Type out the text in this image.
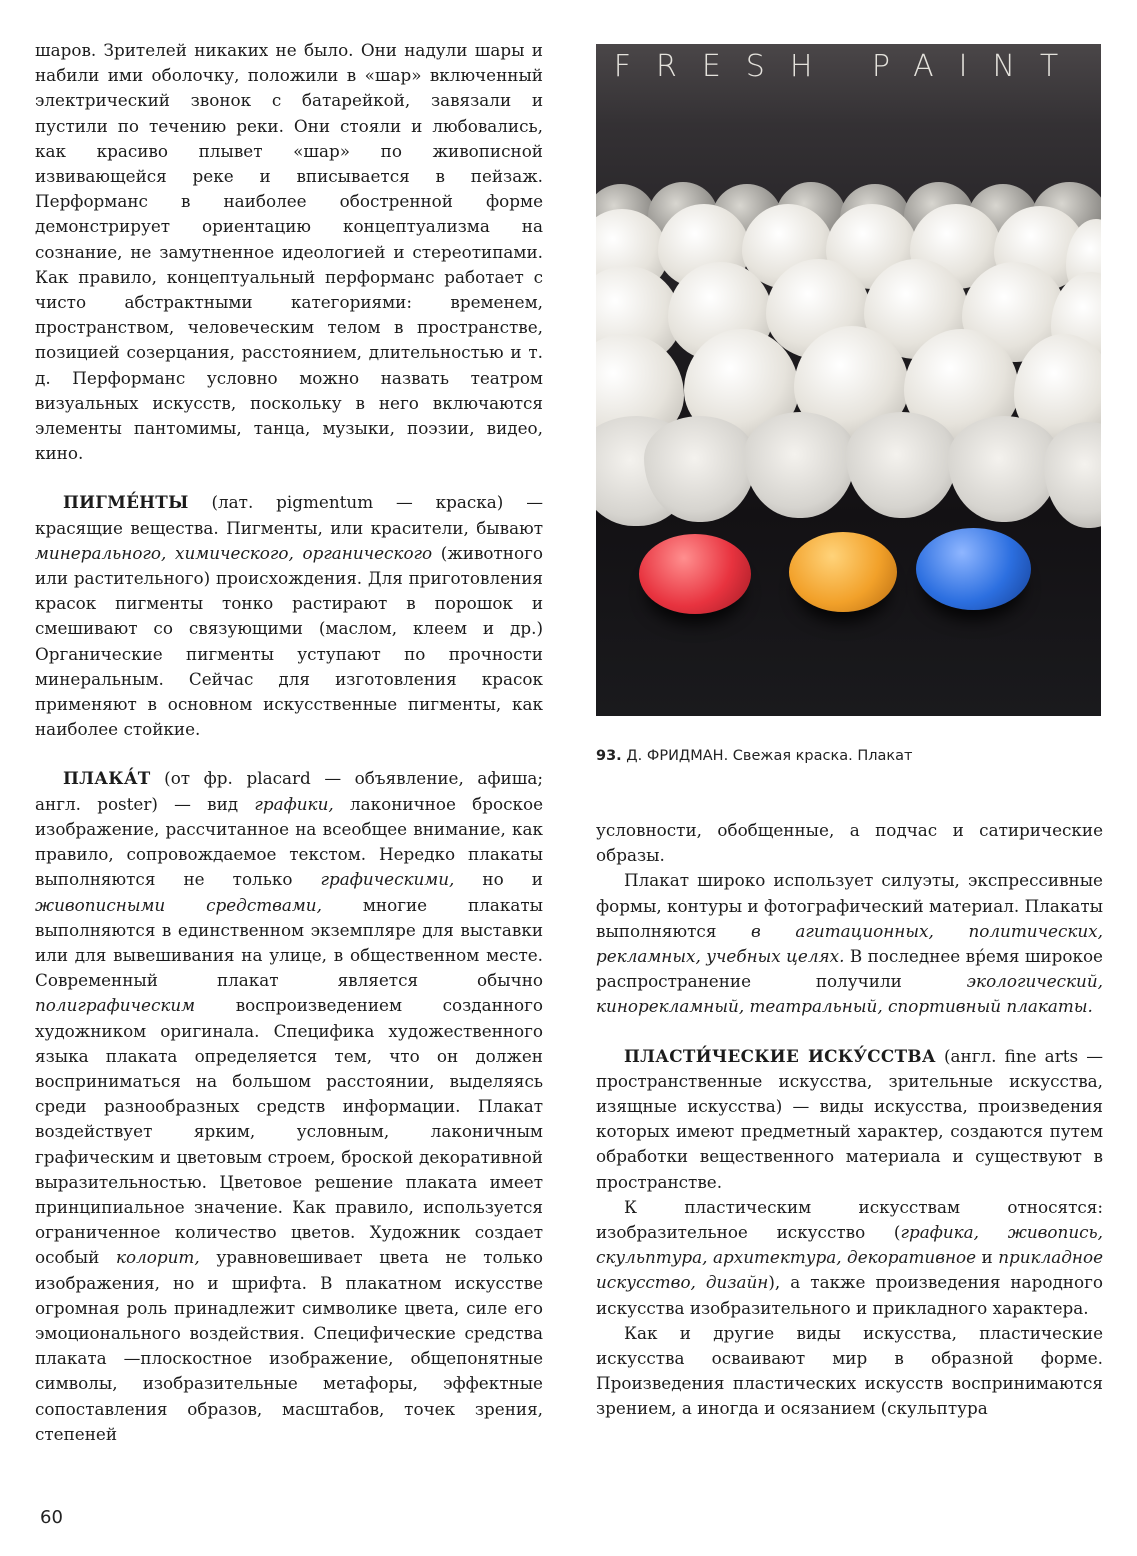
шаров. Зрителей никаких не было. Они надули шары и набили ими оболочку, положили в «шар» включенный электрический звонок с батарейкой, завязали и пустили по течению реки. Они стояли и любовались, как красиво плывет «шар» по живописной извивающейся реке и вписывается в пейзаж. Перформанс в наиболее обостренной форме демонстрирует ориентацию концептуализма на сознание, не замутненное идеологией и стереотипами. Как правило, концептуальный перформанс работает с чисто абстрактными категориями: временем, пространством, человеческим телом в пространстве, позицией созерцания, расстоянием, длительностью и т. д. Перформанс условно можно назвать театром визуальных искусств, поскольку в него включаются элементы пантомимы, танца, музыки, поэзии, видео, кино.

ПИГМЕ́НТЫ (лат. pigmentum — краска) — красящие вещества. Пигменты, или красители, бывают минерального, химического, органического (животного или растительного) происхождения. Для приготовления красок пигменты тонко растирают в порошок и смешивают со связующими (маслом, клеем и др.) Органические пигменты уступают по прочности минеральным. Сейчас для изготовления красок применяют в основном искусственные пигменты, как наиболее стойкие.

ПЛАКА́Т (от фр. placard — объявление, афиша; англ. poster) — вид графики, лаконичное броское изображение, рассчитанное на всеобщее внимание, как правило, сопровождаемое текстом. Нередко плакаты выполняются не только графическими, но и живописными средствами, многие плакаты выполняются в единственном экземпляре для выставки или для вывешивания на улице, в общественном месте. Современный плакат является обычно полиграфическим воспроизведением созданного художником оригинала. Специфика художественного языка плаката определяется тем, что он должен восприниматься на большом расстоянии, выделяясь среди разнообразных средств информации. Плакат воздействует ярким, условным, лаконичным графическим и цветовым строем, броской декоративной выразительностью. Цветовое решение плаката имеет принципиальное значение. Как правило, используется ограниченное количество цветов. Художник создает особый колорит, уравновешивает цвета не только изображения, но и шрифта. В плакатном искусстве огромная роль принадлежит символике цвета, силе его эмоционального воздействия. Специфические средства плаката —плоскостное изображение, общепонятные символы, изобразительные метафоры, эффектные сопоставления образов, масштабов, точек зрения, степеней

FRESH PAINT
93. Д. ФРИДМАН. Свежая краска. Плакат

условности, обобщенные, а подчас и сатирические образы.

Плакат широко использует силуэты, экспрессивные формы, контуры и фотографический материал. Плакаты выполняются в агитационных, политических, рекламных, учебных целях. В последнее вр́емя широкое распространение получили экологический, кинорекламный, театральный, спортивный плакаты.

ПЛАСТИ́ЧЕСКИЕ ИСКУ́ССТВА (англ. fine arts — пространственные искусства, зрительные искусства, изящные искусства) — виды искусства, произведения которых имеют предметный характер, создаются путем обработки вещественного материала и существуют в пространстве.

К пластическим искусствам относятся: изобразительное искусство (графика, живопись, скульптура, архитектура, декоративное и прикладное искусство, дизайн), а также произведения народного искусства изобразительного и прикладного характера.

Как и другие виды искусства, пластические искусства осваивают мир в образной форме. Произведения пластических искусств воспринимаются зрением, а иногда и осязанием (скульптура

60
